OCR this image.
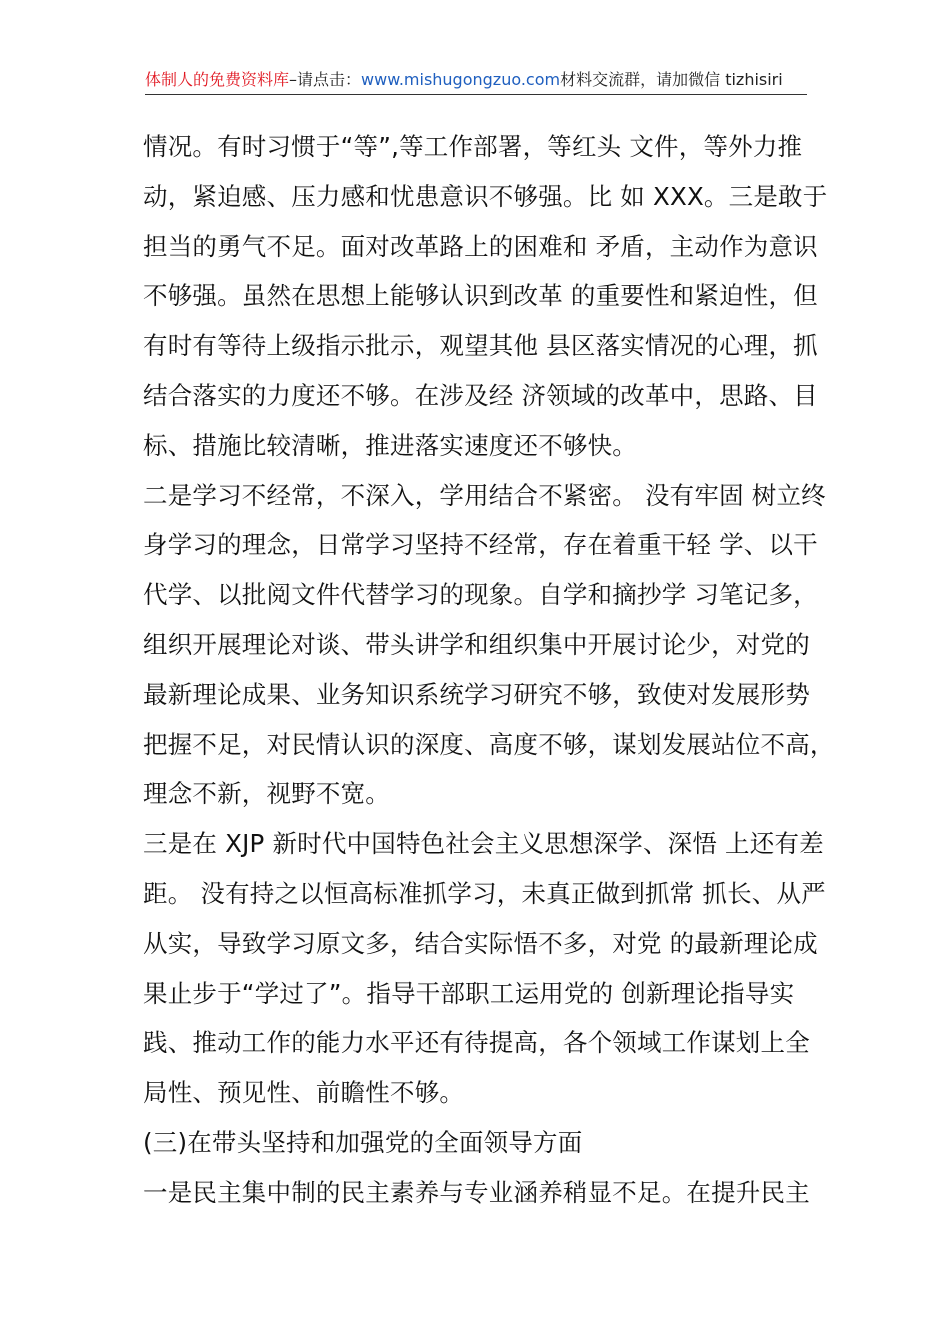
体制人的免费资料库–请点击：www.mishugongzuo.com材料交流群，请加微信 tizhisiri
情况。有时习惯于“等”,等工作部署，等红头 文件，等外力推
动，紧迫感、压力感和忧患意识不够强。比 如 XXX。三是敢于
担当的勇气不足。面对改革路上的困难和 矛盾，主动作为意识
不够强。虽然在思想上能够认识到改革 的重要性和紧迫性，但
有时有等待上级指示批示，观望其他 县区落实情况的心理，抓
结合落实的力度还不够。在涉及经 济领域的改革中，思路、目
标、措施比较清晰，推进落实速度还不够快。
二是学习不经常，不深入，学用结合不紧密。 没有牢固 树立终
身学习的理念，日常学习坚持不经常，存在着重干轻 学、以干
代学、以批阅文件代替学习的现象。自学和摘抄学 习笔记多，
组织开展理论对谈、带头讲学和组织集中开展讨论少，对党的
最新理论成果、业务知识系统学习研究不够，致使对发展形势
把握不足，对民情认识的深度、高度不够，谋划发展站位不高，
理念不新，视野不宽。
三是在 XJP 新时代中国特色社会主义思想深学、深悟 上还有差
距。 没有持之以恒高标准抓学习，未真正做到抓常 抓长、从严
从实，导致学习原文多，结合实际悟不多，对党 的最新理论成
果止步于“学过了”。指导干部职工运用党的 创新理论指导实
践、推动工作的能力水平还有待提高，各个领域工作谋划上全
局性、预见性、前瞻性不够。
(三)在带头坚持和加强党的全面领导方面
一是民主集中制的民主素养与专业涵养稍显不足。在提升民主
